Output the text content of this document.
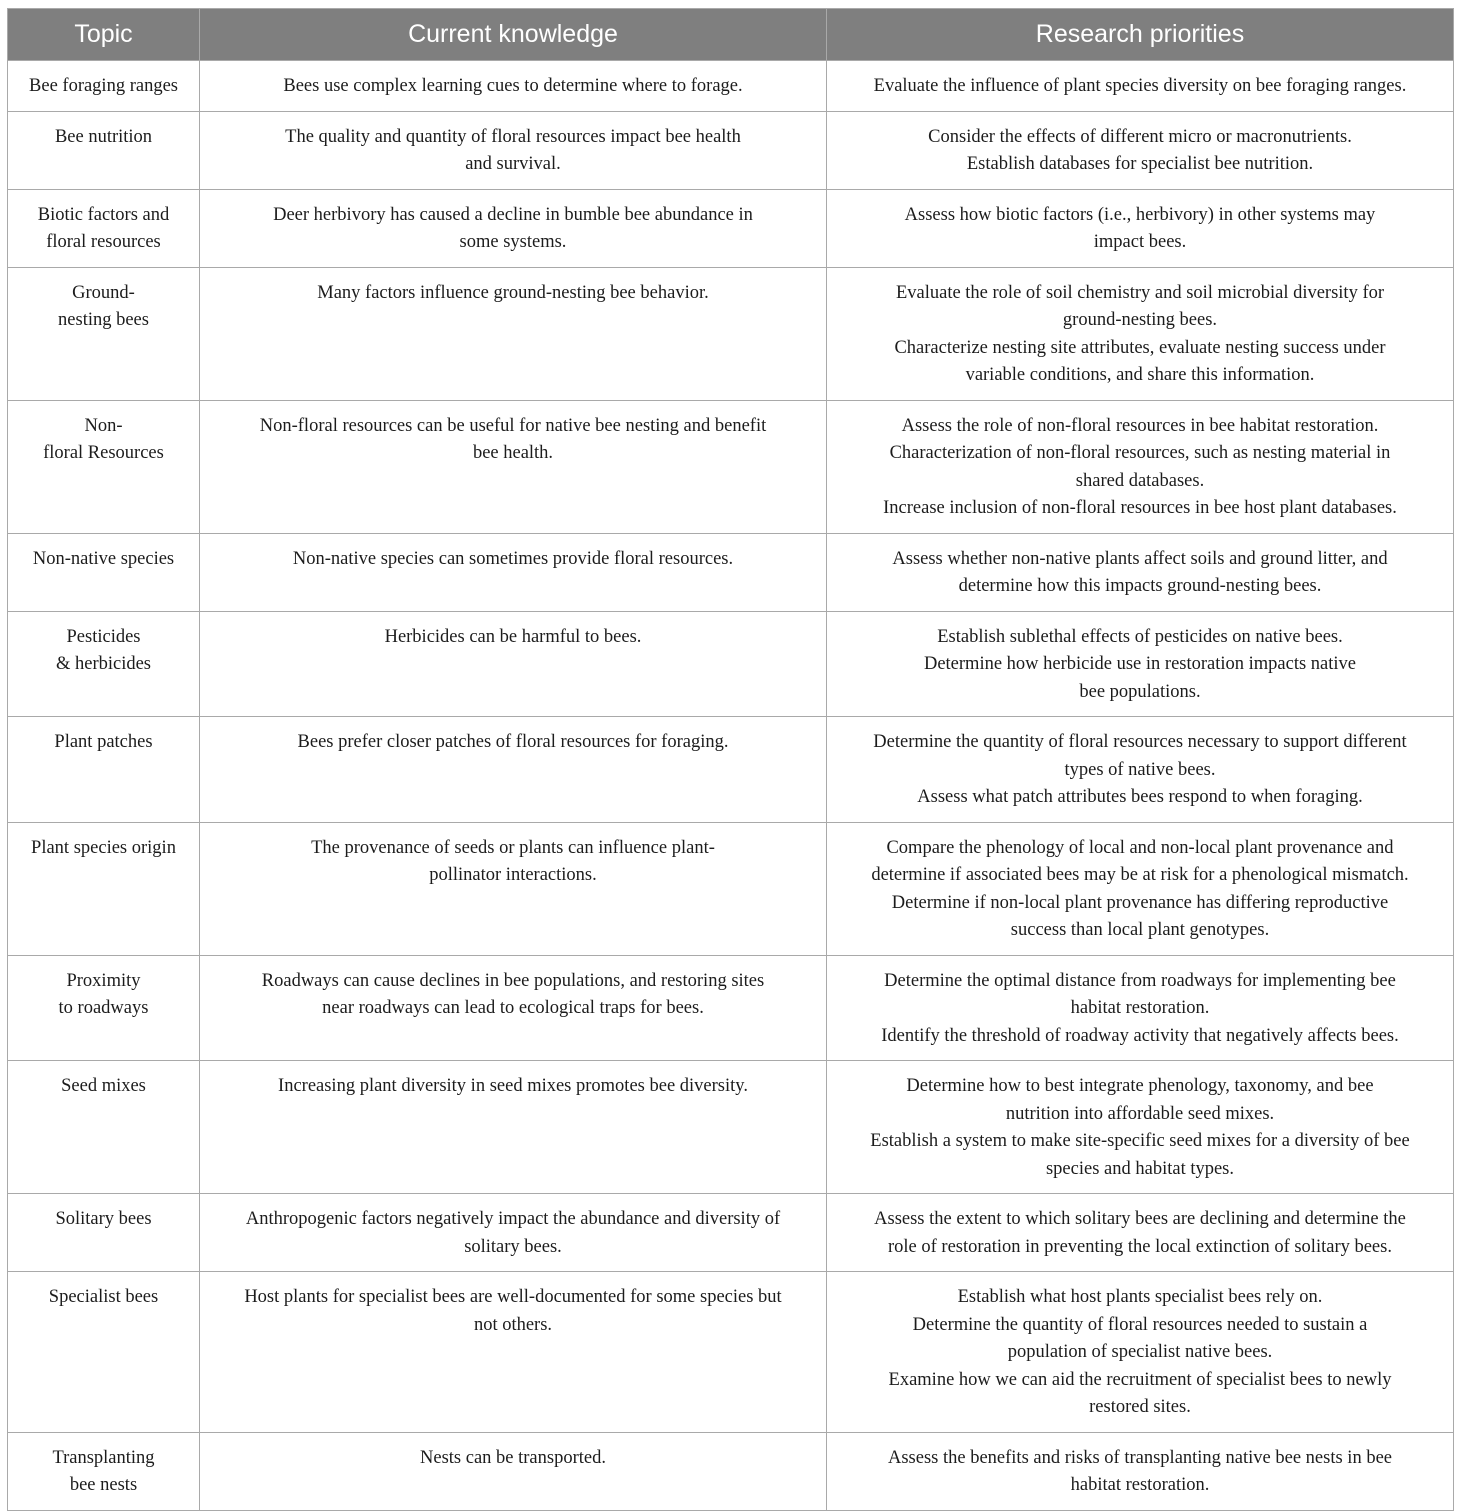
Topic	Current knowledge	Research priorities

Bee foraging ranges	Bees use complex learning cues to determine where to forage.	Evaluate the influence of plant species diversity on bee foraging ranges.

Bee nutrition	The quality and quantity of floral resources impact bee health
and survival.	Consider the effects of different micro or macronutrients.
Establish databases for specialist bee nutrition.

Biotic factors and
floral resources	Deer herbivory has caused a decline in bumble bee abundance in
some systems.	Assess how biotic factors (i.e., herbivory) in other systems may
impact bees.

Ground-
nesting bees	Many factors influence ground-nesting bee behavior.	Evaluate the role of soil chemistry and soil microbial diversity for
ground-nesting bees.
Characterize nesting site attributes, evaluate nesting success under
variable conditions, and share this information.

Non-
floral Resources	Non-floral resources can be useful for native bee nesting and benefit
bee health.	Assess the role of non-floral resources in bee habitat restoration.
Characterization of non-floral resources, such as nesting material in
shared databases.
Increase inclusion of non-floral resources in bee host plant databases.

Non-native species	Non-native species can sometimes provide floral resources.	Assess whether non-native plants affect soils and ground litter, and
determine how this impacts ground-nesting bees.

Pesticides
& herbicides	Herbicides can be harmful to bees.	Establish sublethal effects of pesticides on native bees.
Determine how herbicide use in restoration impacts native
bee populations.

Plant patches	Bees prefer closer patches of floral resources for foraging.	Determine the quantity of floral resources necessary to support different
types of native bees.
Assess what patch attributes bees respond to when foraging.

Plant species origin	The provenance of seeds or plants can influence plant-
pollinator interactions.	Compare the phenology of local and non-local plant provenance and
determine if associated bees may be at risk for a phenological mismatch.
Determine if non-local plant provenance has differing reproductive
success than local plant genotypes.

Proximity
to roadways	Roadways can cause declines in bee populations, and restoring sites
near roadways can lead to ecological traps for bees.	Determine the optimal distance from roadways for implementing bee
habitat restoration.
Identify the threshold of roadway activity that negatively affects bees.

Seed mixes	Increasing plant diversity in seed mixes promotes bee diversity.	Determine how to best integrate phenology, taxonomy, and bee
nutrition into affordable seed mixes.
Establish a system to make site-specific seed mixes for a diversity of bee
species and habitat types.

Solitary bees	Anthropogenic factors negatively impact the abundance and diversity of
solitary bees.	Assess the extent to which solitary bees are declining and determine the
role of restoration in preventing the local extinction of solitary bees.

Specialist bees	Host plants for specialist bees are well-documented for some species but
not others.	Establish what host plants specialist bees rely on.
Determine the quantity of floral resources needed to sustain a
population of specialist native bees.
Examine how we can aid the recruitment of specialist bees to newly
restored sites.

Transplanting
bee nests	Nests can be transported.	Assess the benefits and risks of transplanting native bee nests in bee
habitat restoration.
